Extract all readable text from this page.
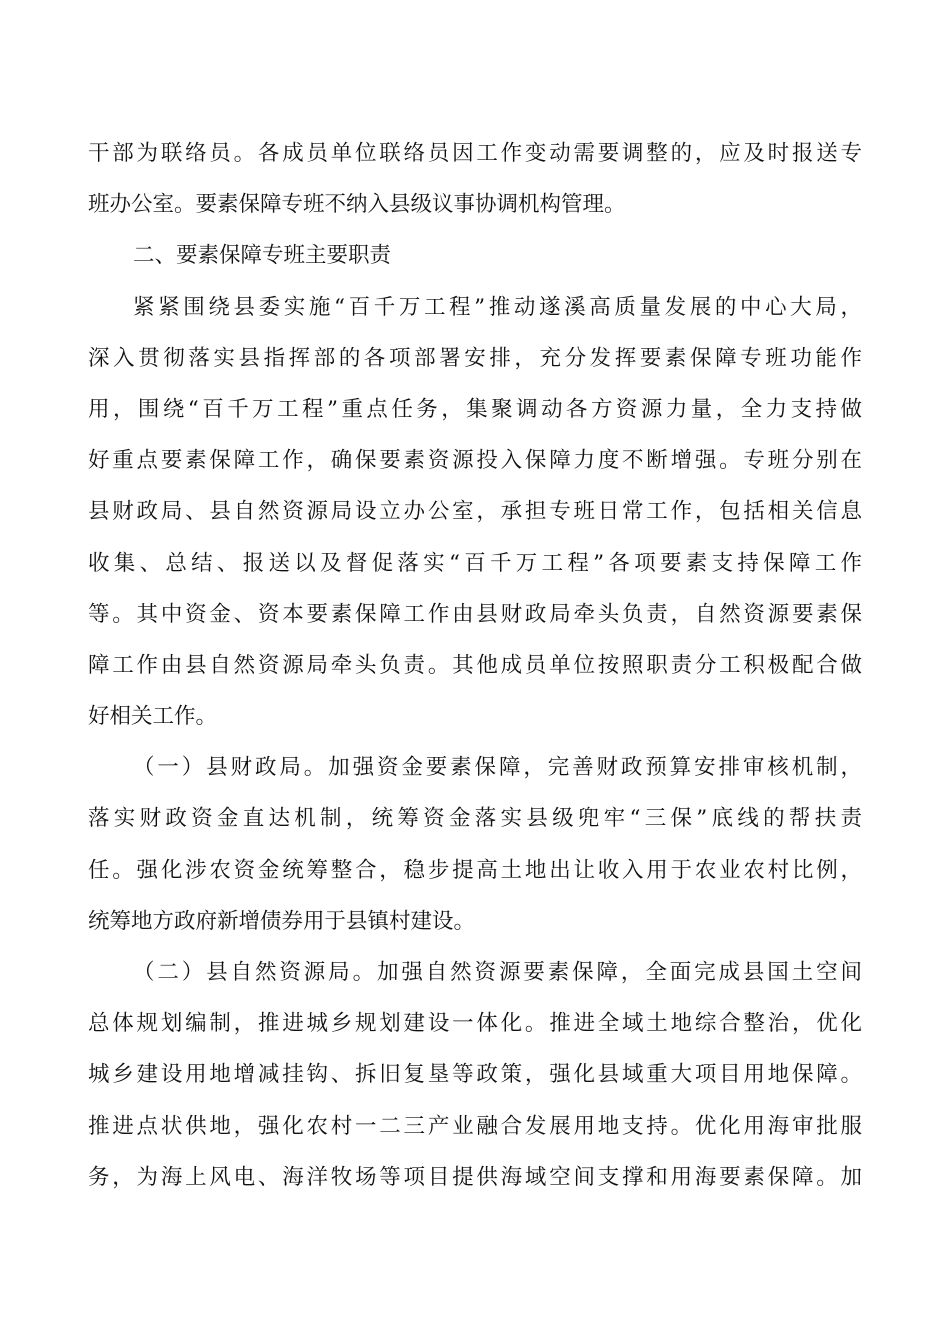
干部为联络员。各成员单位联络员因工作变动需要调整的，应及时报送专
班办公室。要素保障专班不纳入县级议事协调机构管理。
二、要素保障专班主要职责
紧紧围绕县委实施“百千万工程”推动遂溪高质量发展的中心大局，
深入贯彻落实县指挥部的各项部署安排，充分发挥要素保障专班功能作
用，围绕“百千万工程”重点任务，集聚调动各方资源力量，全力支持做
好重点要素保障工作，确保要素资源投入保障力度不断增强。专班分别在
县财政局、县自然资源局设立办公室，承担专班日常工作，包括相关信息
收集、总结、报送以及督促落实“百千万工程”各项要素支持保障工作
等。其中资金、资本要素保障工作由县财政局牵头负责，自然资源要素保
障工作由县自然资源局牵头负责。其他成员单位按照职责分工积极配合做
好相关工作。
（一）县财政局。加强资金要素保障，完善财政预算安排审核机制，
落实财政资金直达机制，统筹资金落实县级兜牢“三保”底线的帮扶责
任。强化涉农资金统筹整合，稳步提高土地出让收入用于农业农村比例，
统筹地方政府新增债券用于县镇村建设。
（二）县自然资源局。加强自然资源要素保障，全面完成县国土空间
总体规划编制，推进城乡规划建设一体化。推进全域土地综合整治，优化
城乡建设用地增减挂钩、拆旧复垦等政策，强化县域重大项目用地保障。
推进点状供地，强化农村一二三产业融合发展用地支持。优化用海审批服
务，为海上风电、海洋牧场等项目提供海域空间支撑和用海要素保障。加
